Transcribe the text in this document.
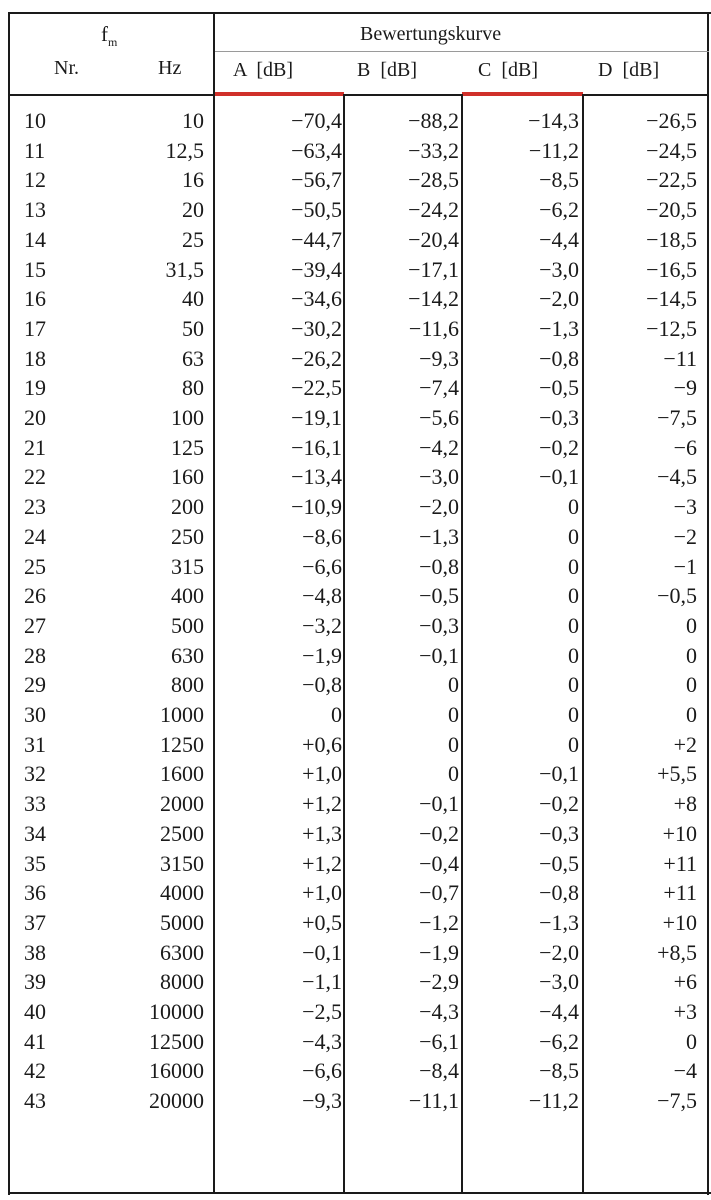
$f_m$
Nr.	Hz
Bewertungskurve
A  [dB]	B  [dB]	C  [dB]	D  [dB]
10	10	−70,4	−88,2	−14,3	−26,5
11	12,5	−63,4	−33,2	−11,2	−24,5
12	16	−56,7	−28,5	−8,5	−22,5
13	20	−50,5	−24,2	−6,2	−20,5
14	25	−44,7	−20,4	−4,4	−18,5
15	31,5	−39,4	−17,1	−3,0	−16,5
16	40	−34,6	−14,2	−2,0	−14,5
17	50	−30,2	−11,6	−1,3	−12,5
18	63	−26,2	−9,3	−0,8	−11
19	80	−22,5	−7,4	−0,5	−9
20	100	−19,1	−5,6	−0,3	−7,5
21	125	−16,1	−4,2	−0,2	−6
22	160	−13,4	−3,0	−0,1	−4,5
23	200	−10,9	−2,0	0	−3
24	250	−8,6	−1,3	0	−2
25	315	−6,6	−0,8	0	−1
26	400	−4,8	−0,5	0	−0,5
27	500	−3,2	−0,3	0	0
28	630	−1,9	−0,1	0	0
29	800	−0,8	0	0	0
30	1000	0	0	0	0
31	1250	+0,6	0	0	+2
32	1600	+1,0	0	−0,1	+5,5
33	2000	+1,2	−0,1	−0,2	+8
34	2500	+1,3	−0,2	−0,3	+10
35	3150	+1,2	−0,4	−0,5	+11
36	4000	+1,0	−0,7	−0,8	+11
37	5000	+0,5	−1,2	−1,3	+10
38	6300	−0,1	−1,9	−2,0	+8,5
39	8000	−1,1	−2,9	−3,0	+6
40	10000	−2,5	−4,3	−4,4	+3
41	12500	−4,3	−6,1	−6,2	0
42	16000	−6,6	−8,4	−8,5	−4
43	20000	−9,3	−11,1	−11,2	−7,5
